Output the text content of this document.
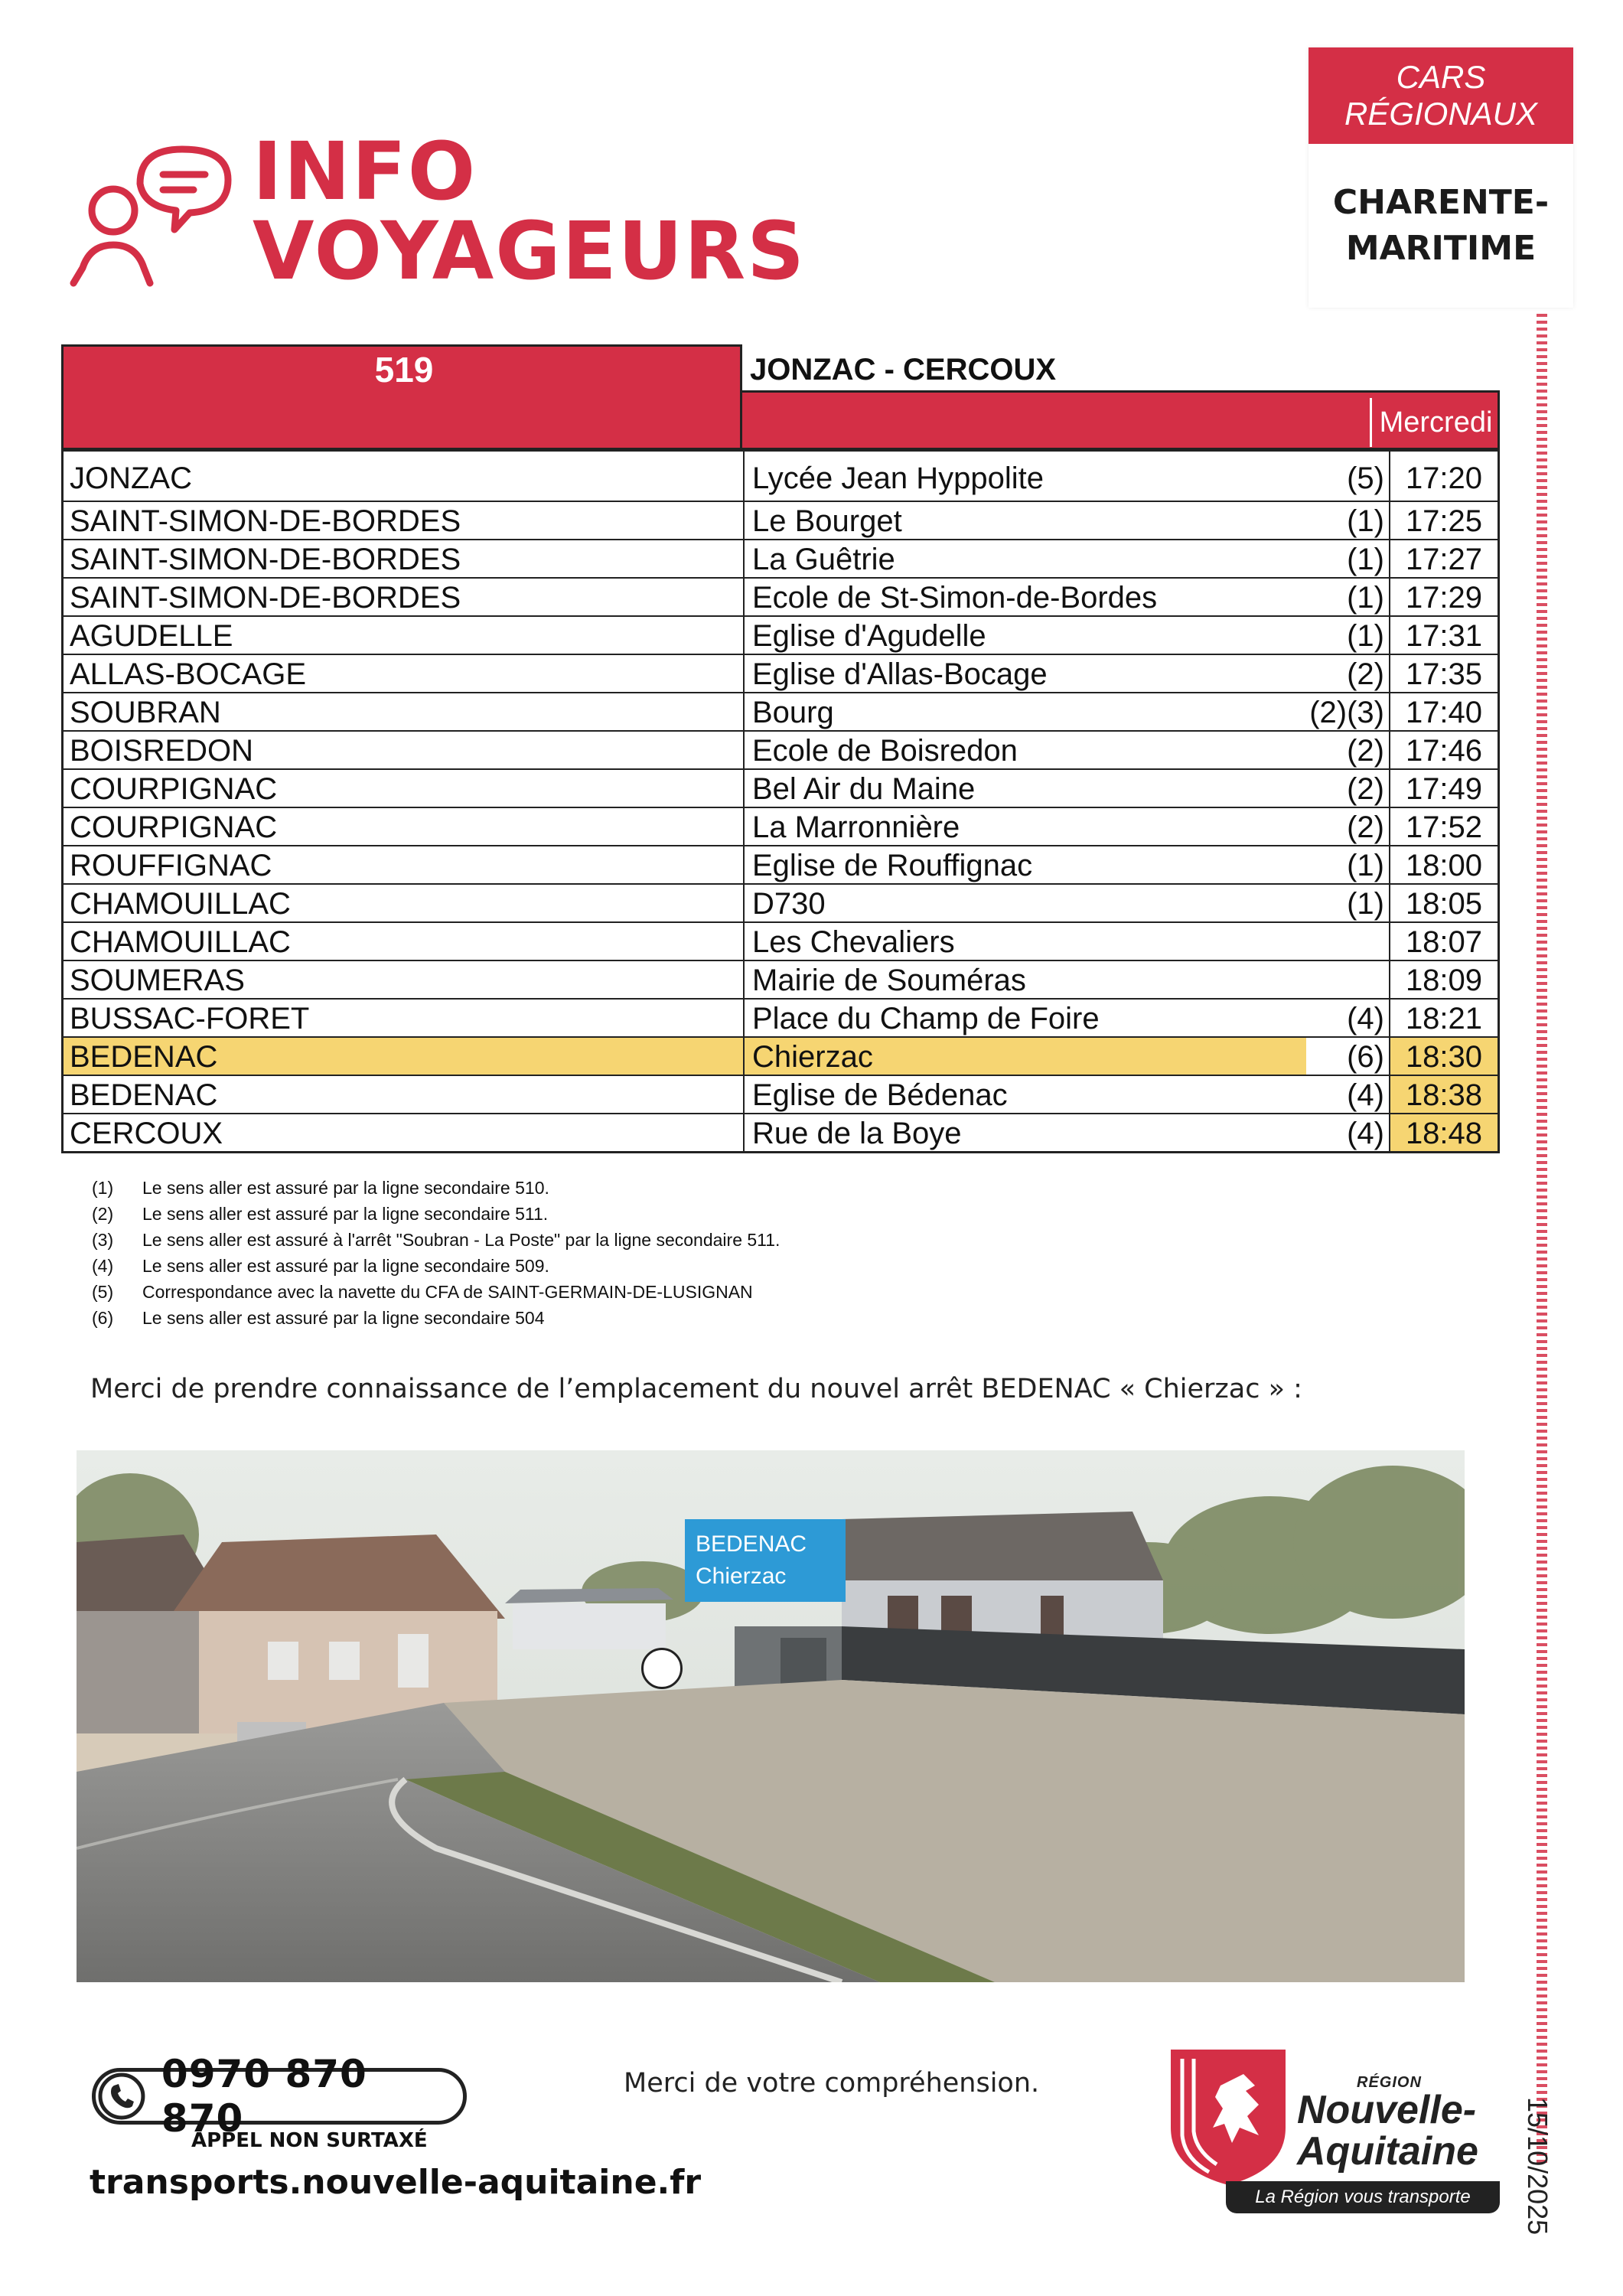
INFO
VOYAGEURS
CARS
RÉGIONAUX
CHARENTE-
MARITIME
15/10/2025
519	JONZAC - CERCOUX
Mercredi
JONZAC	Lycée Jean Hyppolite	(5) 17:20
SAINT-SIMON-DE-BORDES	Le Bourget	(1) 17:25
SAINT-SIMON-DE-BORDES	La Guêtrie	(1) 17:27
SAINT-SIMON-DE-BORDES	Ecole de St-Simon-de-Bordes	(1) 17:29
AGUDELLE	Eglise d'Agudelle	(1) 17:31
ALLAS-BOCAGE	Eglise d'Allas-Bocage	(2) 17:35
SOUBRAN	Bourg	(2)(3) 17:40
BOISREDON	Ecole de Boisredon	(2) 17:46
COURPIGNAC	Bel Air du Maine	(2) 17:49
COURPIGNAC	La Marronnière	(2) 17:52
ROUFFIGNAC	Eglise de Rouffignac	(1) 18:00
CHAMOUILLAC	D730	(1) 18:05
CHAMOUILLAC	Les Chevaliers	18:07
SOUMERAS	Mairie de Souméras	18:09
BUSSAC-FORET	Place du Champ de Foire	(4) 18:21
BEDENAC	Chierzac	(6) 18:30
BEDENAC	Eglise de Bédenac	(4) 18:38
CERCOUX	Rue de la Boye	(4) 18:48
(1) Le sens aller est assuré par la ligne secondaire 510.
(2) Le sens aller est assuré par la ligne secondaire 511.
(3) Le sens aller est assuré à l'arrêt "Soubran - La Poste" par la ligne secondaire 511.
(4) Le sens aller est assuré par la ligne secondaire 509.
(5) Correspondance avec la navette du CFA de SAINT-GERMAIN-DE-LUSIGNAN
(6) Le sens aller est assuré par la ligne secondaire 504
Merci de prendre connaissance de l’emplacement du nouvel arrêt BEDENAC « Chierzac » :
BEDENAC
Chierzac
0970 870 870
APPEL NON SURTAXÉ
transports.nouvelle-aquitaine.fr
Merci de votre compréhension.	RÉGION
Nouvelle-
Aquitaine
La Région vous transporte
